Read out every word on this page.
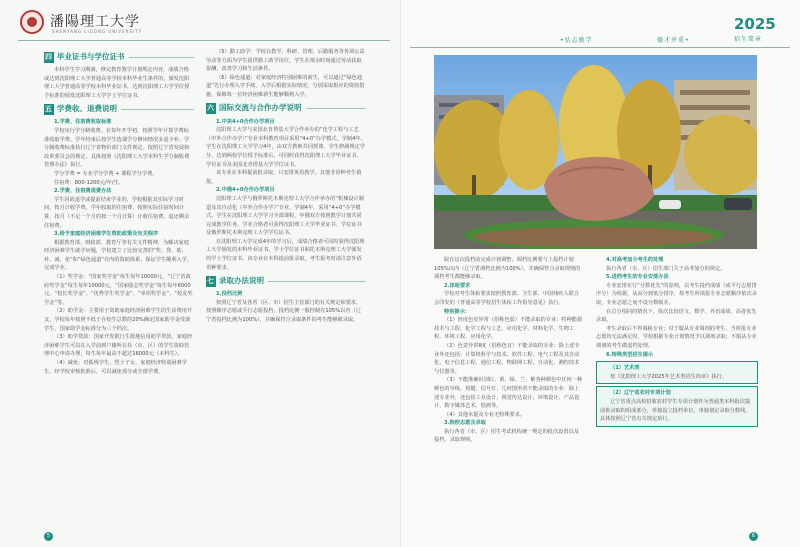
潘陽理工大学
SHENYANG LIGONG UNIVERSITY
四 毕业证书与学位证书

本科学生学习期满，修完教育教学计划规定内容，成绩合格或达到沈阳理工大学普通高等学校本科毕业生条件的，颁发沈阳理工大学普通高等学校本科毕业证书，达到沈阳理工大学学位授予标准的颁发沈阳理工大学学士学位证书。

五 学费收、退费说明

1.学费、住宿费收取标准

学校实行学分制收费。在每年开学初，按照学年计算学费标准收取学费。学年结束后按学生选课学分修读情况多退少补。学分制收费标准执行辽宁省物价部门文件规定。按照辽宁省发展和改革委员会的规定，具体按照《沈阳理工大学本科生学分制收费管理办法》执行。

学分学费 = 专业学分学费 + 课程学分学费。

住宿费：800-1200元/年/生。

2.学费、住宿费退费办法

学生因故退学或提前结束学业的，学校根据其实际学习时间，按月计收学费。学年收取的住宿费，按照实际住宿时间计算，按月（不足一个月的按一个月计算）计收住宿费，退还剩余住宿费。

3.给予家庭经济困难学生资助政策及有关程序

根据教育部、财政部、教育厅等有关文件精神，为解决家庭经济困难学生就学问题，学校建立了比较完善的“奖、贷、助、补、减、免”和“绿色通道”在内的资助体系，保证学生顺利入学，完成学业。

（1）奖学金：“国家奖学金”每生每年10000元，“辽宁省政府奖学金”每生每年10000元，“国家励志奖学金”每生每年6000元，“校长奖学金”、“优秀学生奖学金”、“单项奖学金”、“校友奖学金”等。

（2）助学金：主要用于资助家庭经济困难学生的生活费用开支，学校每年按照不低于在校生总数的20%确定国家助学金受助学生，国家助学金标准分为三个档次。

（3）助学贷款：国家开发银行生源地信用助学贷款，家庭经济困难学生可以在入学前到户籍所在县（市、区）的学生资助管理中心申请办理，每生每年最高不超过16000元（本科生）。

（4）减免：对孤残学生、烈士子女、家庭经济特别困难学生，经学校审核批准后，可以减免部分或全部学费。

（5）勤工助学：学校在教学、科研、管理、后勤服务等各项公益劳动等方面为学生提供勤工助学岗位，学生在课余时间通过劳动获取报酬，改善学习和生活条件。

（6）绿色通道：对家庭经济特别困难的新生，可以通过“绿色通道”先行办理入学手续，入学后根据实际情况，分别采取相应的资助措施，保障每一位经济困难新生能够顺利入学。

六 国际交流与合作办学说明

1.中美4+0合作办学项目

沈阳理工大学与美国北肯塔基大学合作举办的“化学工程与工艺（中外合作办学）”专业本科教育项目采用“4+0”办学模式，学制4年。学生在沈阳理工大学学习4年，由双方教师共同授课，学生修满规定学分，达到两校学位授予标准后，可同时获得沈阳理工大学毕业证书、学位证书及美国北肯塔基大学学位证书。

该专业在本科提前批录取，只安排英语教学，其他非语种考生慎报。

2.中俄4+0合作办学项目

沈阳理工大学与俄罗斯托木斯克理工大学合作举办的“机械设计制造及其自动化（中外合作办学）”专业，学制4年，采用“4+0”办学模式。学生在沈阳理工大学学习全部课程，中俄双方按照教学计划共同完成教学任务，学业合格者可获得沈阳理工大学毕业证书、学位证书及俄罗斯托木斯克理工大学学位证书。

在沈阳理工大学完成4年的学习后，成绩合格者可同时获得沈阳理工大学颁发的本科毕业证书、学士学位证书和托木斯克理工大学颁发的学士学位证书。该专业在本科提前批录取，考生报考时请注意外语语种要求。

七 录取办法说明

1.投档比例

按照辽宁省及各省（区、市）招生主管部门的有关规定和要求，按照顺序志愿或平行志愿投档，投档比例一般控制在105%以内（辽宁省投档比例为100%），并确保符合录取条件的考生能够被录取。

5
•弘志励学	德才并重•
2025
招生简章

院在这次投档前完成计划调整，调档比例要与上投档计划105%以内（辽宁省调档比例为100%），并确保符合录取规则的调档考生都能够录取。

2.体检要求

学校对考生体检要求按照教育部、卫生部、中国残疾人联合会印发的《普通高等学校招生体检工作指导意见》执行。

特别提示：

（1）轻度色觉异常（俗称色弱）不能录取的专业：特种能源技术与工程、化学工程与工艺、应用化学、材料化学、生物工程、环境工程、应用化学。

（2）色觉异常Ⅱ度（俗称色盲）不能录取的专业：除上述专业外还包括：计算机科学与技术、软件工程、电气工程及其自动化、电子信息工程、通信工程、物联网工程、自动化、测控技术与仪器等。

（3）不能准确识别红、黄、绿、兰、紫各种颜色中任何一种颜色的导线、按键、信号灯、几何图形者不能录取的专业：除上述专业外，还包括工业设计、视觉传达设计、环境设计、产品设计、数字媒体艺术、绘画等。

（4）其他未提及专业无特殊要求。

3.院校志愿及录取

执行各省（市、区）招生考试机构统一规定的批次设置以及投档、录取规则。

4.对高考加分考生的处理

执行各省（市、区）招生部门关于高考加分的规定。

5.进档考生的专业安排办法

专业安排实行“分数优先”的原则，以考生投档成绩（或平行志愿排序分）为依据，从高分到低分排序，按考生所填报专业志愿顺序依次录取，专业志愿之间不设分数级差。

在总分相同的情况下，依次比较语文、数学、外语成绩，高者优先录取。

考生录取后不得调换专业；对于服从专业调剂的考生，当所报专业志愿均无法满足时，学校根据专业计划情况予以调剂录取；不服从专业调剂的考生做退档处理。

6.特殊类型招生提示

（1）艺术类

按《沈阳理工大学2025年艺术类招生简章》执行。

（2）辽宁省农村专项计划

辽宁省重点高校招收农村学生专项计划作为普通类本科批次提前批录取的组成部分，单独设立投档单位，单独划定录取分数线，具体按照辽宁省有关规定执行。

6
